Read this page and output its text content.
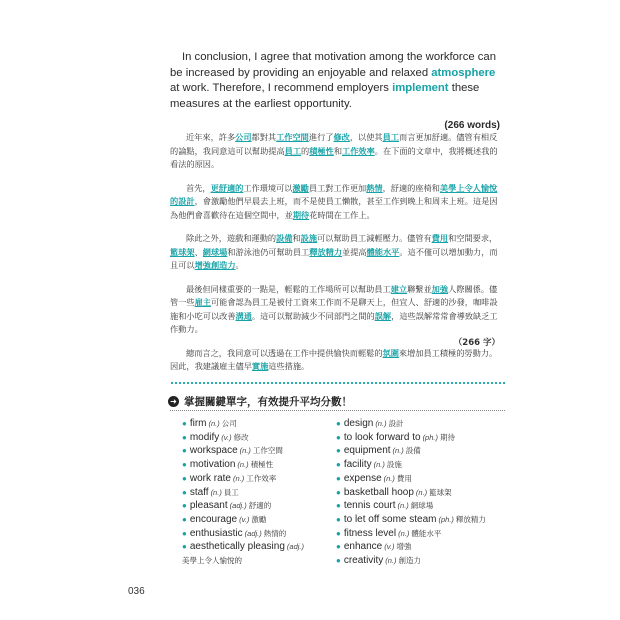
In conclusion, I agree that motivation among the workforce can be increased by providing an enjoyable and relaxed atmosphere at work. Therefore, I recommend employers implement these measures at the earliest opportunity.

(266 words)

近年來，許多公司都對其工作空間進行了修改，以使其員工而言更加舒適。儘管有相反的論點，我同意這可以幫助提高員工的積極性和工作效率。在下面的文章中，我將概述我的看法的原因。

首先，更舒適的工作環境可以激勵員工對工作更加熱情，舒適的座椅和美學上令人愉悅的設計，會激勵他們早晨去上班，而不是使員工懶散，甚至工作到晚上和周末上班。這是因為他們會喜歡待在這個空間中，並期待花時間在工作上。

除此之外，遊戲和運動的設備和設施可以幫助員工減輕壓力。儘管有費用和空間要求，籃球架、網球場和游泳池仍可幫助員工釋放精力並提高體能水平。這不僅可以增加動力，而且可以增強創造力。

最後但同樣重要的一點是，輕鬆的工作場所可以幫助員工建立聯繫並加強人際關係。儘管一些雇主可能會認為員工是被付工資來工作而不是聊天上，但宜人、舒適的沙發，咖啡設施和小吃可以改善溝通。這可以幫助減少不同部門之間的誤解，這些誤解常常會導致缺乏工作動力。

總而言之，我同意可以透過在工作中提供愉快而輕鬆的氛圍來增加員工積極的勞動力。因此，我建議雇主儘早實施這些措施。

（266 字）
➜ 掌握關鍵單字，有效提升平均分數！
● firm (n.) 公司
● modify (v.) 修改
● workspace (n.) 工作空間
● motivation (n.) 積極性
● work rate (n.) 工作效率
● staff (n.) 員工
● pleasant (adj.) 舒適的
● encourage (v.) 激勵
● enthusiastic (adj.) 熱情的
● aesthetically pleasing (adj.)
美學上令人愉悅的
● design (n.) 設計
● to look forward to (ph.) 期待
● equipment (n.) 設備
● facility (n.) 設施
● expense (n.) 費用
● basketball hoop (n.) 籃球架
● tennis court (n.) 網球場
● to let off some steam (ph.) 釋放精力
● fitness level (n.) 體能水平
● enhance (v.) 增強
● creativity (n.) 創造力
036
